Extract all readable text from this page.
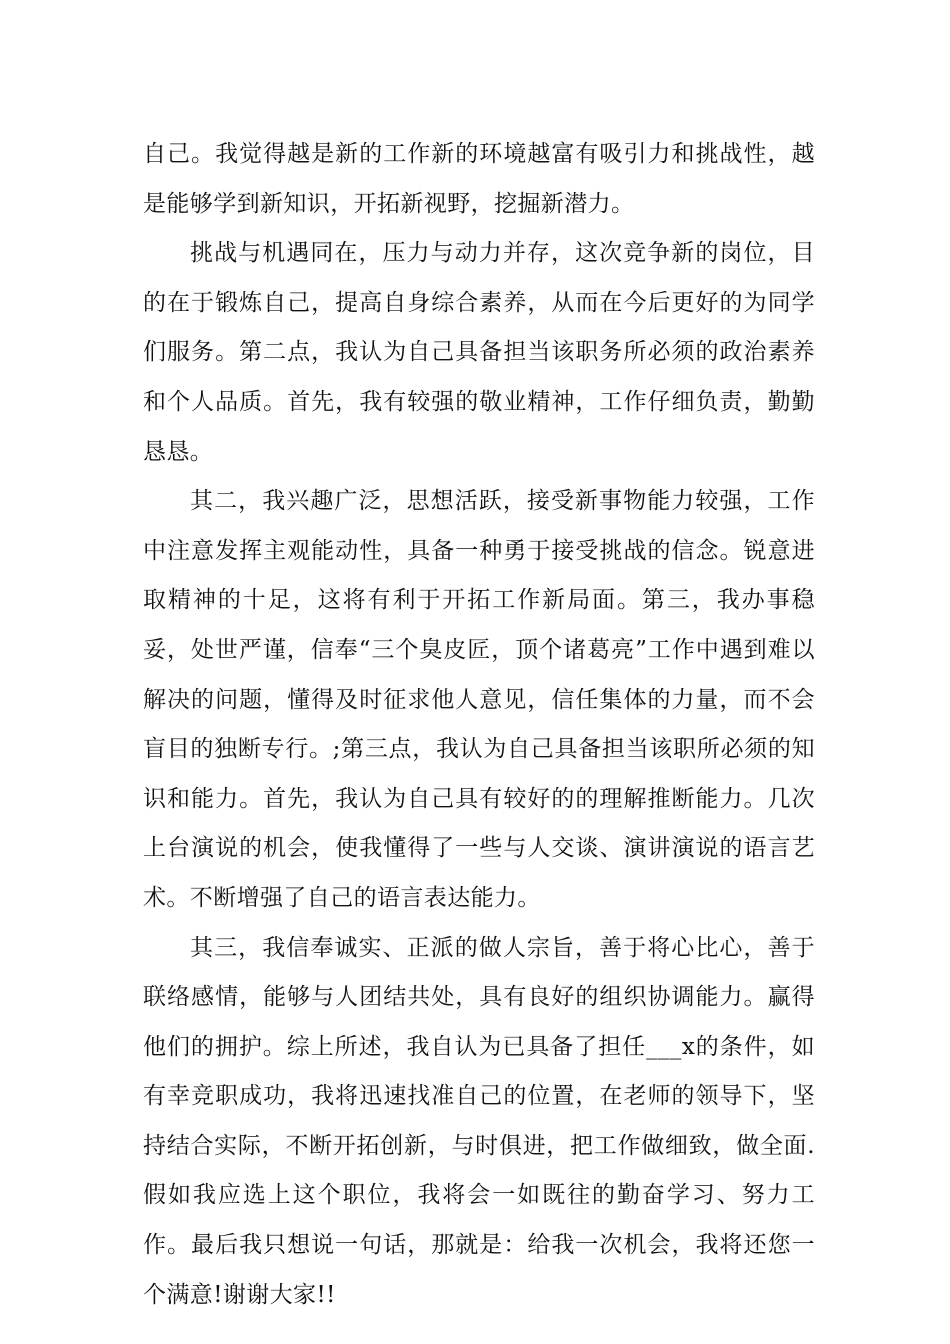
自己。我觉得越是新的工作新的环境越富有吸引力和挑战性，越是能够学到新知识，开拓新视野，挖掘新潜力。

挑战与机遇同在，压力与动力并存，这次竞争新的岗位，目的在于锻炼自己，提高自身综合素养，从而在今后更好的为同学们服务。第二点，我认为自己具备担当该职务所必须的政治素养和个人品质。首先，我有较强的敬业精神，工作仔细负责，勤勤恳恳。

其二，我兴趣广泛，思想活跃，接受新事物能力较强，工作中注意发挥主观能动性，具备一种勇于接受挑战的信念。锐意进取精神的十足，这将有利于开拓工作新局面。第三，我办事稳妥，处世严谨，信奉“三个臭皮匠，顶个诸葛亮”工作中遇到难以解决的问题，懂得及时征求他人意见，信任集体的力量，而不会盲目的独断专行。;第三点，我认为自己具备担当该职所必须的知识和能力。首先，我认为自己具有较好的的理解推断能力。几次上台演说的机会，使我懂得了一些与人交谈、演讲演说的语言艺术。不断增强了自己的语言表达能力。

其三，我信奉诚实、正派的做人宗旨，善于将心比心，善于联络感情，能够与人团结共处，具有良好的组织协调能力。赢得他们的拥护。综上所述，我自认为已具备了担任___x的条件，如有幸竞职成功，我将迅速找准自己的位置，在老师的领导下，坚持结合实际，不断开拓创新，与时俱进，把工作做细致，做全面.假如我应选上这个职位，我将会一如既往的勤奋学习、努力工作。最后我只想说一句话，那就是：给我一次机会，我将还您一个满意!谢谢大家!!
